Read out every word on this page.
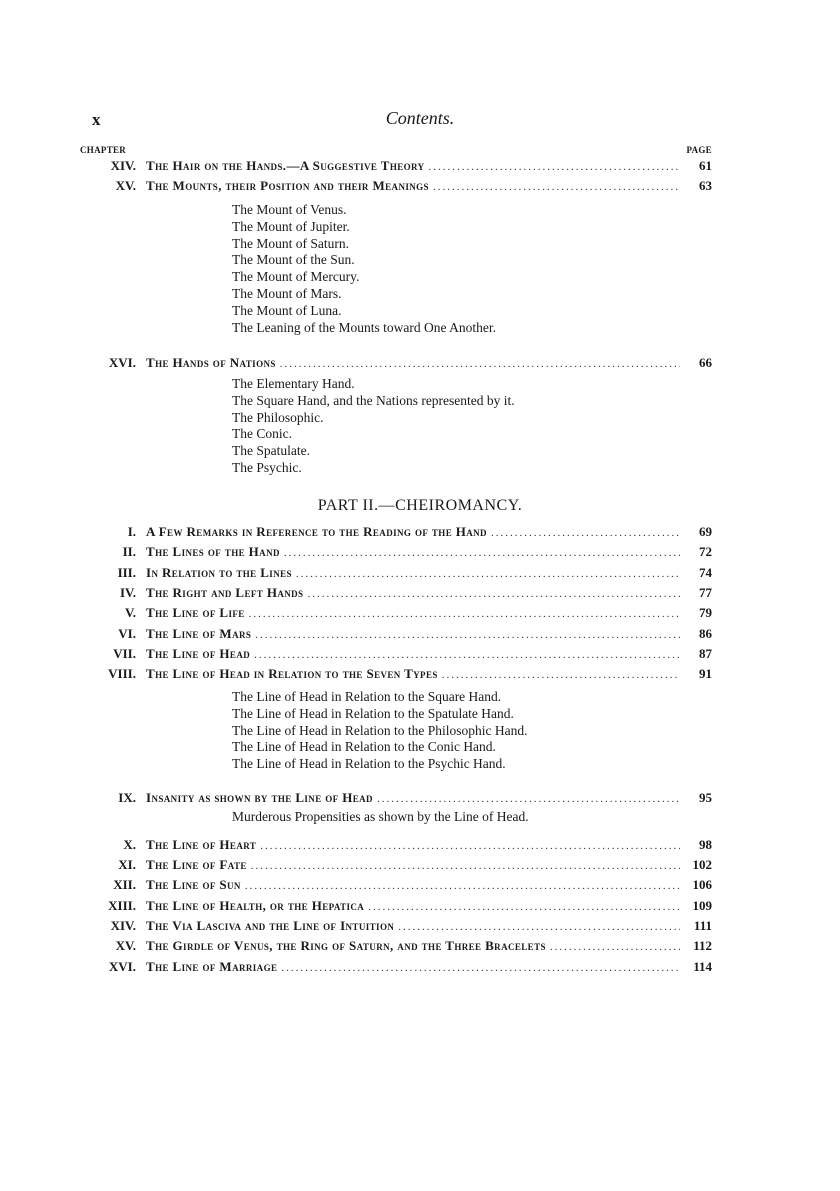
x	Contents.
CHAPTER	PAGE
XIV. The Hair on the Hands.—A Suggestive Theory .....	61
XV. The Mounts, their Position and their Meanings .....	63
The Mount of Venus.
The Mount of Jupiter.
The Mount of Saturn.
The Mount of the Sun.
The Mount of Mercury.
The Mount of Mars.
The Mount of Luna.
The Leaning of the Mounts toward One Another.
XVI. The Hands of Nations .....	66
The Elementary Hand.
The Square Hand, and the Nations represented by it.
The Philosophic.
The Conic.
The Spatulate.
The Psychic.
PART II.—CHEIROMANCY.
I. A Few Remarks in Reference to the Reading of the Hand .....	69
II. The Lines of the Hand .....	72
III. In Relation to the Lines .....	74
IV. The Right and Left Hands .....	77
V. The Line of Life .....	79
VI. The Line of Mars .....	86
VII. The Line of Head .....	87
VIII. The Line of Head in Relation to the Seven Types .....	91
The Line of Head in Relation to the Square Hand.
The Line of Head in Relation to the Spatulate Hand.
The Line of Head in Relation to the Philosophic Hand.
The Line of Head in Relation to the Conic Hand.
The Line of Head in Relation to the Psychic Hand.
IX. Insanity as shown by the Line of Head .....	95
Murderous Propensities as shown by the Line of Head.
X. The Line of Heart .....	98
XI. The Line of Fate .....	102
XII. The Line of Sun .....	106
XIII. The Line of Health, or the Hepatica .....	109
XIV. The Via Lasciva and the Line of Intuition .....	111
XV. The Girdle of Venus, the Ring of Saturn, and the Three Bracelets .....	112
XVI. The Line of Marriage .....	114
